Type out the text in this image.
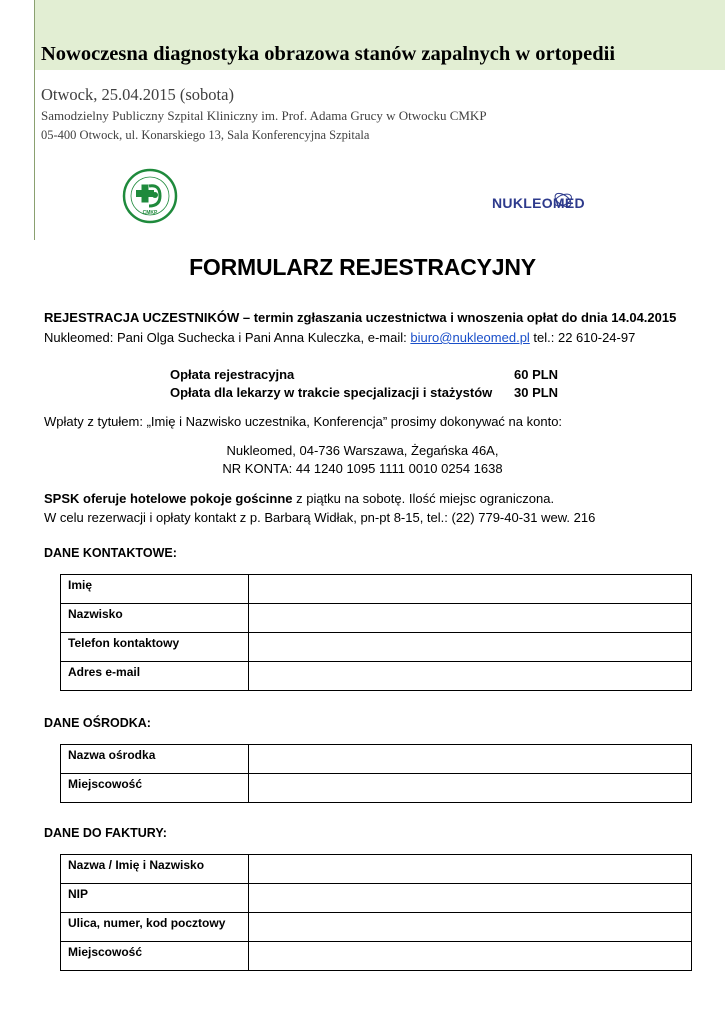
Nowoczesna diagnostyka obrazowa stanów zapalnych w ortopedii
Otwock, 25.04.2015 (sobota)
Samodzielny Publiczny Szpital Kliniczny im. Prof. Adama Grucy w Otwocku CMKP
05-400 Otwock, ul. Konarskiego 13, Sala Konferencyjna Szpitala
CMKP
NUKLEOMED
FORMULARZ REJESTRACYJNY
REJESTRACJA UCZESTNIKÓW – termin zgłaszania uczestnictwa i wnoszenia opłat do dnia 14.04.2015
Nukleomed: Pani Olga Suchecka i Pani Anna Kuleczka, e-mail: biuro@nukleomed.pl tel.: 22 610-24-97
Opłata rejestracyjna	60 PLN
Opłata dla lekarzy w trakcie specjalizacji i stażystów 30 PLN
Wpłaty z tytułem: „Imię i Nazwisko uczestnika, Konferencja” prosimy dokonywać na konto:
Nukleomed, 04-736 Warszawa, Żegańska 46A,
NR KONTA: 44 1240 1095 1111 0010 0254 1638
SPSK oferuje hotelowe pokoje gościnne z piątku na sobotę. Ilość miejsc ograniczona.
W celu rezerwacji i opłaty kontakt z p. Barbarą Widłak, pn-pt 8-15, tel.: (22) 779-40-31 wew. 216
DANE KONTAKTOWE:
Imię	
Nazwisko	
Telefon kontaktowy	
Adres e-mail	
DANE OŚRODKA:
Nazwa ośrodka	
Miejscowość	
DANE DO FAKTURY:
Nazwa / Imię i Nazwisko	
NIP	
Ulica, numer, kod pocztowy	
Miejscowość	
